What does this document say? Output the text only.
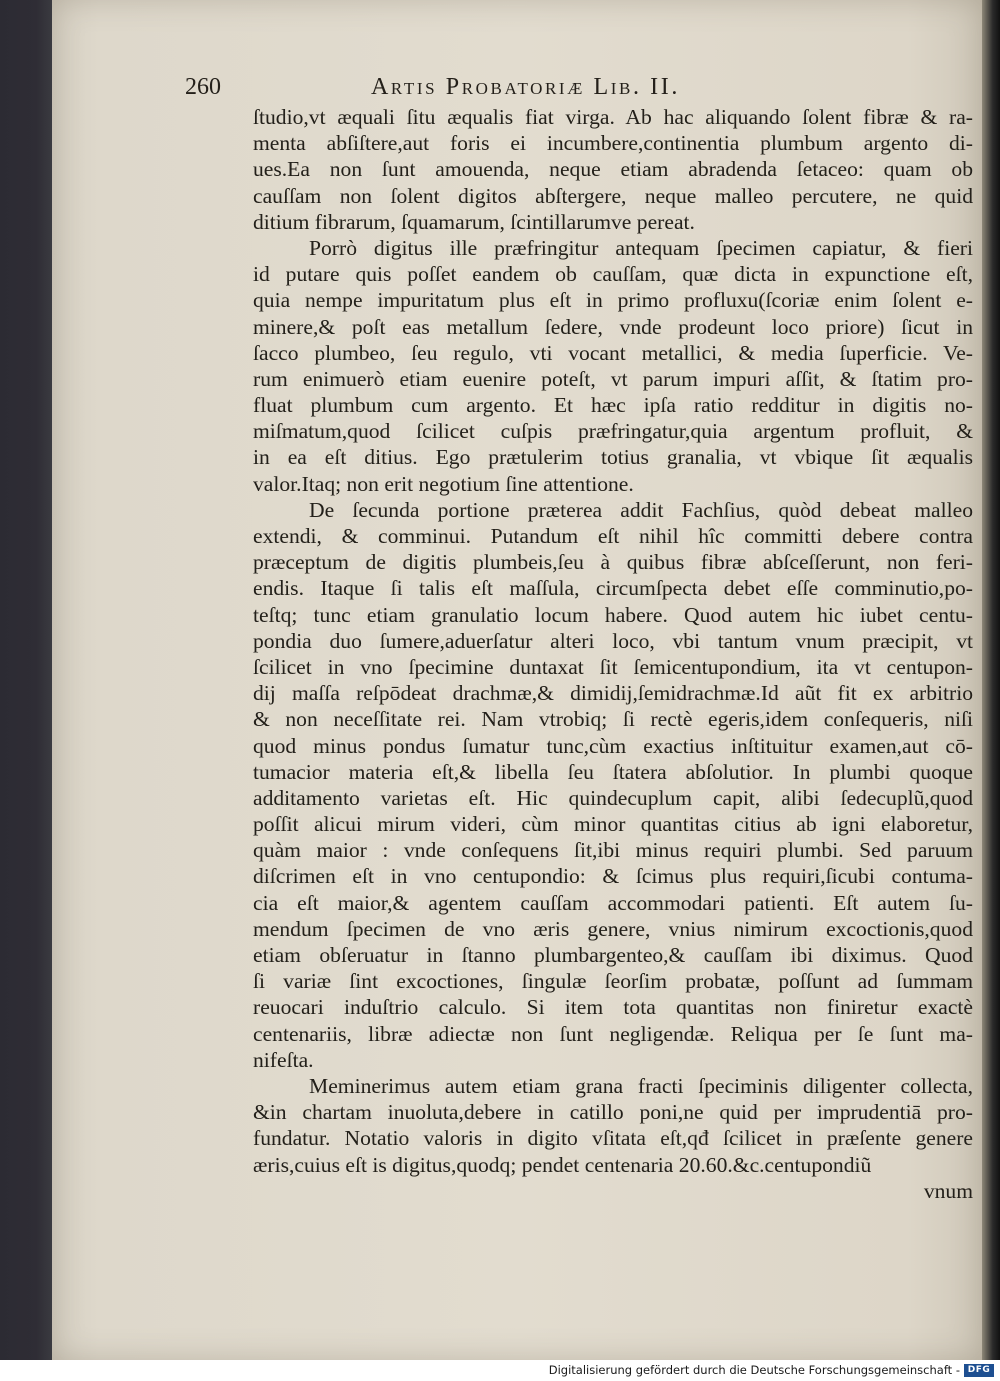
260	Artis Probatoriæ Lib. II.
ſtudio,vt æquali ſitu æqualis fiat virga. Ab hac aliquando ſolent fibræ & ra-
menta abſiſtere,aut foris ei incumbere,continentia plumbum argento di-
ues.Ea non ſunt amouenda, neque etiam abradenda ſetaceo: quam ob
cauſſam non ſolent digitos abſtergere, neque malleo percutere, ne quid
ditium fibrarum, ſquamarum, ſcintillarumve pereat.
Porrò digitus ille præfringitur antequam ſpecimen capiatur, & fieri
id putare quis poſſet eandem ob cauſſam, quæ dicta in expunctione eſt,
quia nempe impuritatum plus eſt in primo profluxu(ſcoriæ enim ſolent e-
minere,& poſt eas metallum ſedere, vnde prodeunt loco priore) ſicut in
ſacco plumbeo, ſeu regulo, vti vocant metallici, & media ſuperficie. Ve-
rum enimuerò etiam euenire poteſt, vt parum impuri aſſit, & ſtatim pro-
fluat plumbum cum argento. Et hæc ipſa ratio redditur in digitis no-
miſmatum,quod ſcilicet cuſpis præfringatur,quia argentum profluit, &
in ea eſt ditius. Ego prætulerim totius granalia, vt vbique ſit æqualis
valor.Itaq; non erit negotium ſine attentione.
De ſecunda portione prætereа addit Fachſius, quòd debeat malleo
extendi, & comminui. Putandum eſt nihil hîc committi debere contra
præceptum de digitis plumbeis,ſeu à quibus fibræ abſceſſerunt, non feri-
endis. Itaque ſi talis eſt maſſula, circumſpecta debet eſſe comminutio,po-
teſtq; tunc etiam granulatio locum habere. Quod autem hic iubet centu-
pondia duo ſumere,aduerſatur alteri loco, vbi tantum vnum præcipit, vt
ſcilicet in vno ſpecimine duntaxat ſit ſemicentupondium, ita vt centupon-
dij maſſa reſpōdeat drachmæ,& dimidij,ſemidrachmæ.Id aũt fit ex arbitrio
& non neceſſitate rei. Nam vtrobiq; ſi rectè egeris,idem conſequeris, niſi
quod minus pondus ſumatur tunc,cùm exactius inſtituitur examen,aut cō-
tumacior materia eſt,& libella ſeu ſtatera abſolutior. In plumbi quoque
additamento varietas eſt. Hic quindecuplum capit, alibi ſedecuplũ,quod
poſſit alicui mirum videri, cùm minor quantitas citius ab igni elaboretur,
quàm maior : vnde conſequens ſit,ibi minus requiri plumbi. Sed paruum
diſcrimen eſt in vno centupondio: & ſcimus plus requiri,ſicubi contuma-
cia eſt maior,& agentem cauſſam accommodari patienti. Eſt autem ſu-
mendum ſpecimen de vno æris genere, vnius nimirum excoctionis,quod
etiam obſeruatur in ſtanno plumbargenteo,& cauſſam ibi diximus. Quod
ſi variæ ſint excoctiones, ſingulæ ſeorſim probatæ, poſſunt ad ſummam
reuocari induſtrio calculo. Si item tota quantitas non finiretur exactè
centenariis, libræ adiectæ non ſunt negligendæ. Reliqua per ſe ſunt ma-
nifeſta.
Meminerimus autem etiam grana fracti ſpeciminis diligenter collecta,
&in chartam inuoluta,debere in catillo poni,ne quid per imprudentiā pro-
fundatur. Notatio valoris in digito vſitata eſt,qđ ſcilicet in præſente genere
æris,cuius eſt is digitus,quodq; pendet centenaria 20.60.&c.centupondiũ
vnum
Digitalisierung gefördert durch die Deutsche Forschungsgemeinschaft - DFG
